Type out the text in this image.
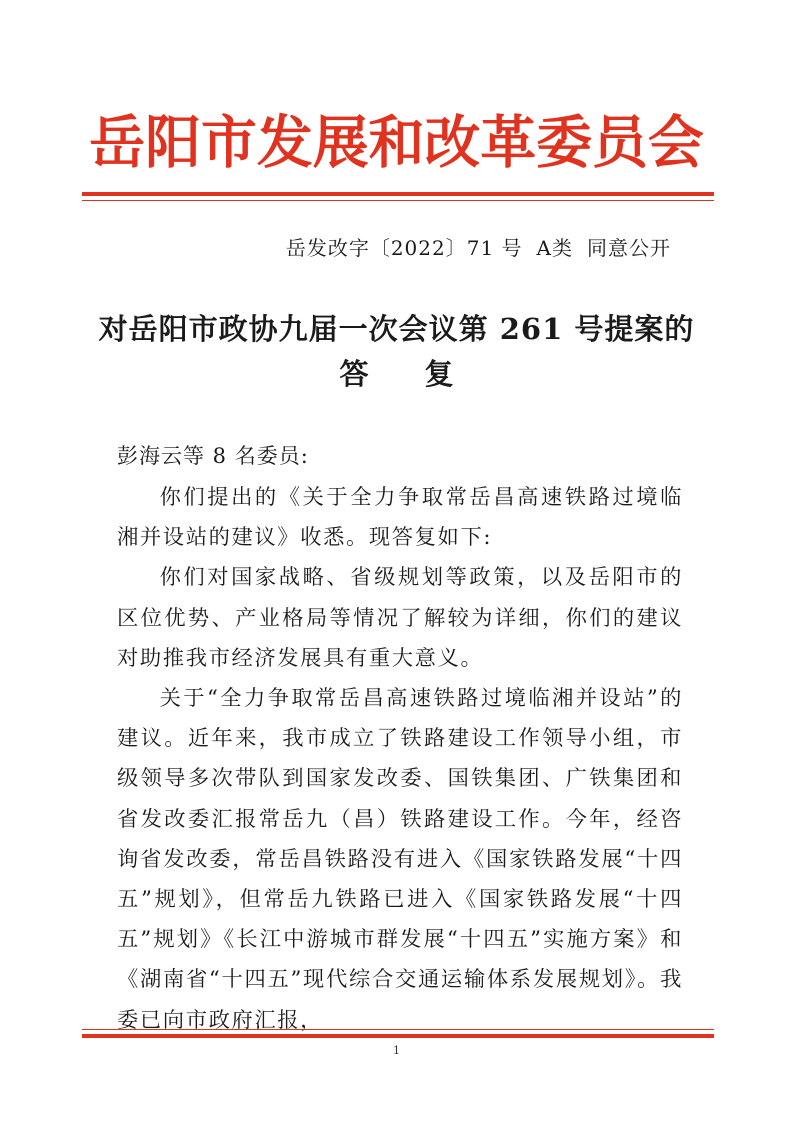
岳阳市发展和改革委员会
岳发改字〔2022〕71 号 A类 同意公开
对岳阳市政协九届一次会议第 261 号提案的
答复
彭海云等 8 名委员:

你们提出的《关于全力争取常岳昌高速铁路过境临湘并设站的建议》收悉。现答复如下:

你们对国家战略、省级规划等政策，以及岳阳市的区位优势、产业格局等情况了解较为详细，你们的建议对助推我市经济发展具有重大意义。

关于“全力争取常岳昌高速铁路过境临湘并设站”的建议。近年来，我市成立了铁路建设工作领导小组，市级领导多次带队到国家发改委、国铁集团、广铁集团和省发改委汇报常岳九（昌）铁路建设工作。今年，经咨询省发改委，常岳昌铁路没有进入《国家铁路发展“十四五”规划》，但常岳九铁路已进入《国家铁路发展“十四五”规划》《长江中游城市群发展“十四五”实施方案》和《湖南省“十四五”现代综合交通运输体系发展规划》。我委已向市政府汇报，

1
